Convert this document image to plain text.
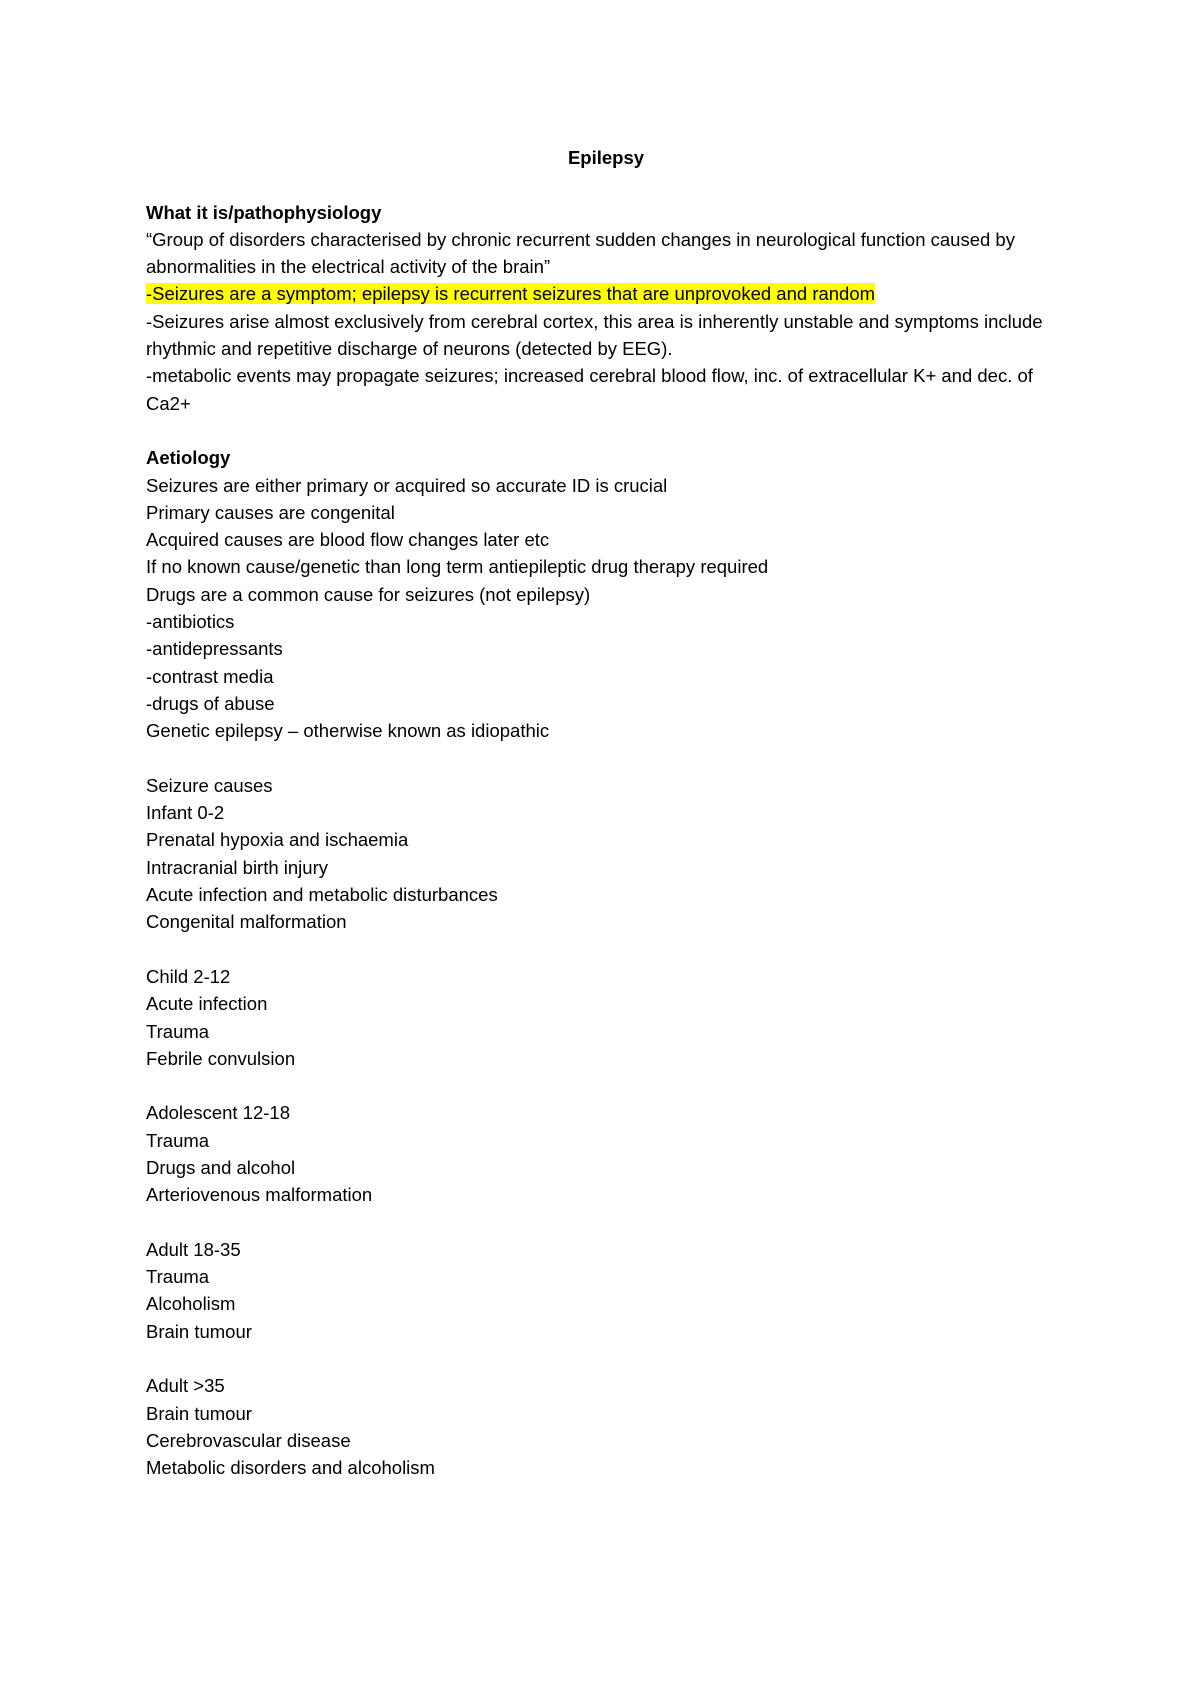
Epilepsy

What it is/pathophysiology

“Group of disorders characterised by chronic recurrent sudden changes in neurological function caused by abnormalities in the electrical activity of the brain”

-Seizures are a symptom; epilepsy is recurrent seizures that are unprovoked and random

-Seizures arise almost exclusively from cerebral cortex, this area is inherently unstable and symptoms include rhythmic and repetitive discharge of neurons (detected by EEG).

-metabolic events may propagate seizures; increased cerebral blood flow, inc. of extracellular K+ and dec. of Ca2+

Aetiology

Seizures are either primary or acquired so accurate ID is crucial

Primary causes are congenital

Acquired causes are blood flow changes later etc

If no known cause/genetic than long term antiepileptic drug therapy required

Drugs are a common cause for seizures (not epilepsy)

-antibiotics

-antidepressants

-contrast media

-drugs of abuse

Genetic epilepsy – otherwise known as idiopathic

Seizure causes

Infant 0-2

Prenatal hypoxia and ischaemia

Intracranial birth injury

Acute infection and metabolic disturbances

Congenital malformation

Child 2-12

Acute infection

Trauma

Febrile convulsion

Adolescent 12-18

Trauma

Drugs and alcohol

Arteriovenous malformation

Adult 18-35

Trauma

Alcoholism

Brain tumour

Adult >35

Brain tumour

Cerebrovascular disease

Metabolic disorders and alcoholism
